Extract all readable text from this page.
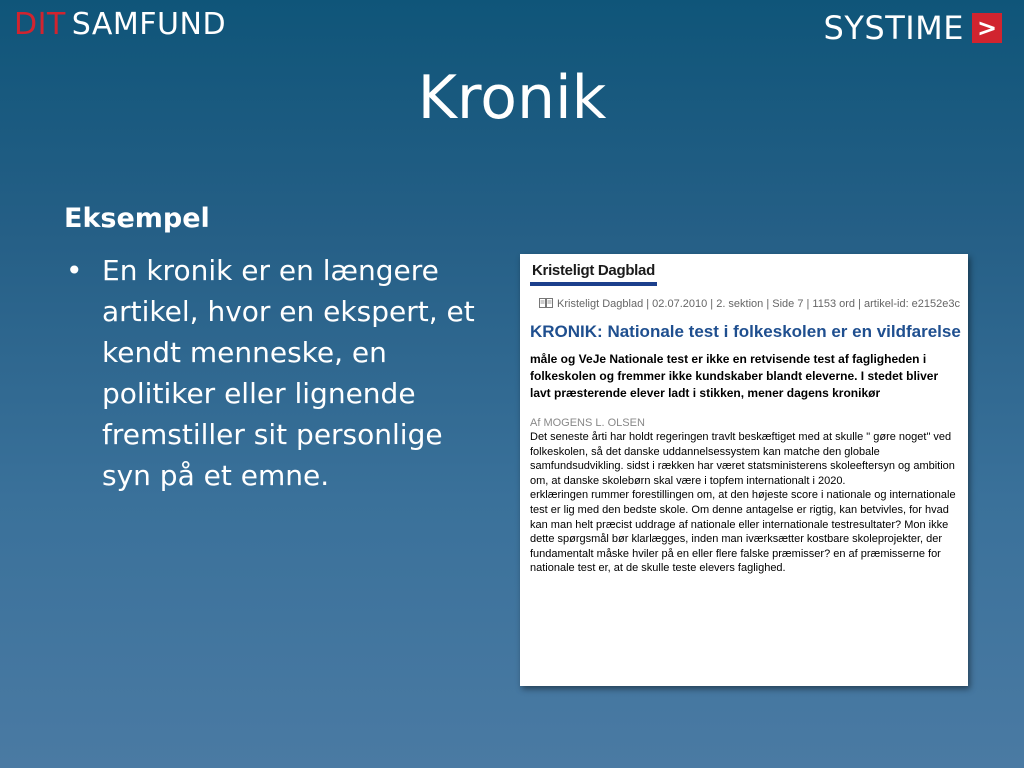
DIT SAMFUND	SYSTIME >
Kronik
Eksempel
• En kronik er en længere artikel, hvor en ekspert, et kendt menneske, en politiker eller lignende fremstiller sit personlige syn på et emne.
Kristeligt Dagblad
Kristeligt Dagblad | 02.07.2010 | 2. sektion | Side 7 | 1153 ord | artikel-id: e2152e3c
KRONIK: Nationale test i folkeskolen er en vildfarelse
måle og VeJe Nationale test er ikke en retvisende test af fagligheden i folkeskolen og fremmer ikke kundskaber blandt eleverne. I stedet bliver lavt præsterende elever ladt i stikken, mener dagens kronikør
Af MOGENS L. OLSEN
Det seneste årti har holdt regeringen travlt beskæftiget med at skulle " gøre noget" ved folkeskolen, så det danske uddannelsessystem kan matche den globale samfundsudvikling. sidst i rækken har været statsministerens skoleeftersyn og ambition om, at danske skolebørn skal være i topfem internationalt i 2020.
erklæringen rummer forestillingen om, at den højeste score i nationale og internationale test er lig med den bedste skole. Om denne antagelse er rigtig, kan betvivles, for hvad kan man helt præcist uddrage af nationale eller internationale testresultater? Mon ikke dette spørgsmål bør klarlægges, inden man iværksætter kostbare skoleprojekter, der fundamentalt måske hviler på en eller flere falske præmisser? en af præmisserne for nationale test er, at de skulle teste elevers faglighed.
